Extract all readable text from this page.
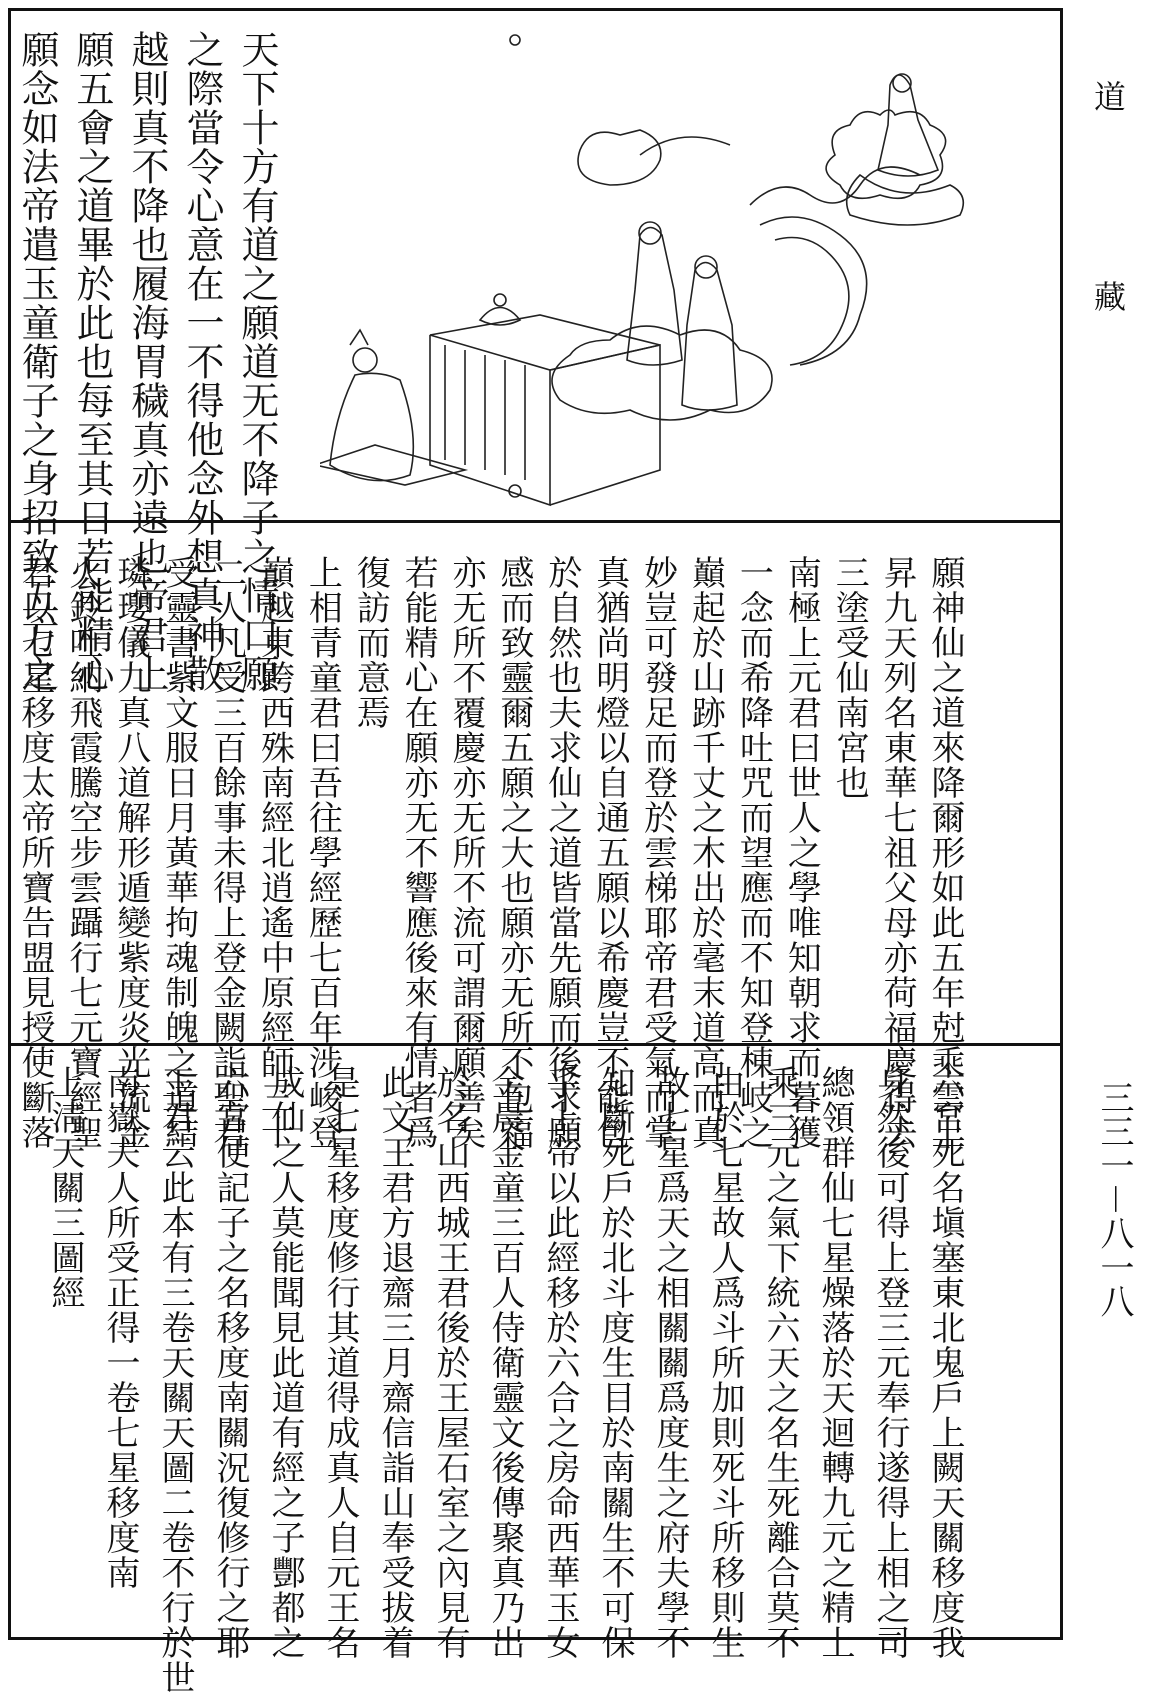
道
藏
三三一－八一八
天下十方有道之願道无不降子之情口願
之際當令心意在一不得他念外想真神散
越則真不降也履海胃穢真亦遠也帝君上
願五會之道畢於此也每至其日若能精心
願念如法帝遣玉童衛子之身招致五方之
願神仙之道來降爾形如此五年尅乘雲上
昇九天列名東華七祖父母亦荷福慶得去
三塗受仙南宮也
南極上元君曰世人之學唯知朝求而暮獲
一念而希降吐咒而望應而不知登棟岐之
巔起於山跡千丈之木出於毫末道高而真
妙豈可發足而登於雲梯耶帝君受氣而掌
真猶尚明燈以自通五願以希慶豈不能包
於自然也夫求仙之道皆當先願而後求願
感而致靈爾五願之大也願亦无所不包福
亦无所不覆慶亦无所不流可謂爾願善矣
若能精心在願亦无不響應後來有情者爲
復訪而意焉
上相青童君曰吾往學經歷七百年涉峻登
巔越東跨西殊南經北逍遙中原經師三十
二人凡受三百餘事未得上登金闕詣聖君
受靈書紫文服日月黃華拘魂制魄之道結
璘瓔儀九真八道解形遁變紫度炎光流金
火鈴吐納飛霞騰空步雲躡行七元寶經聖
君以七星移度太帝所寶告盟見授使斷落
六宮死名塡塞東北鬼戶上闕天關移度我
身然後可得上登三元奉行遂得上相之司
總領群仙七星燥落於天迴轉九元之精上
乘三元之氣下統六天之名生死離合莫不
由於七星故人爲斗所加則死斗所移則生
故七星爲天之相關關爲度生之府夫學不
知斷死戶於北斗度生目於南關生不可保
乎上帝以此經移於六合之房命西華玉女
金晨金童三百人侍衛靈文後傳聚真乃出
於名山西城王君後於王屋石室之內見有
此文王君方退齋三月齋信詣山奉受拔着
是七星移度修行其道得成真人自元王名
成仙之人莫能聞見此道有經之子酆都之
六宮便記子之名移度南關況復修行之耶
王君云此本有三卷天關天圖二卷不行於世
南嶽夫人所受正得一卷七星移度南
上淸天關三圖經
